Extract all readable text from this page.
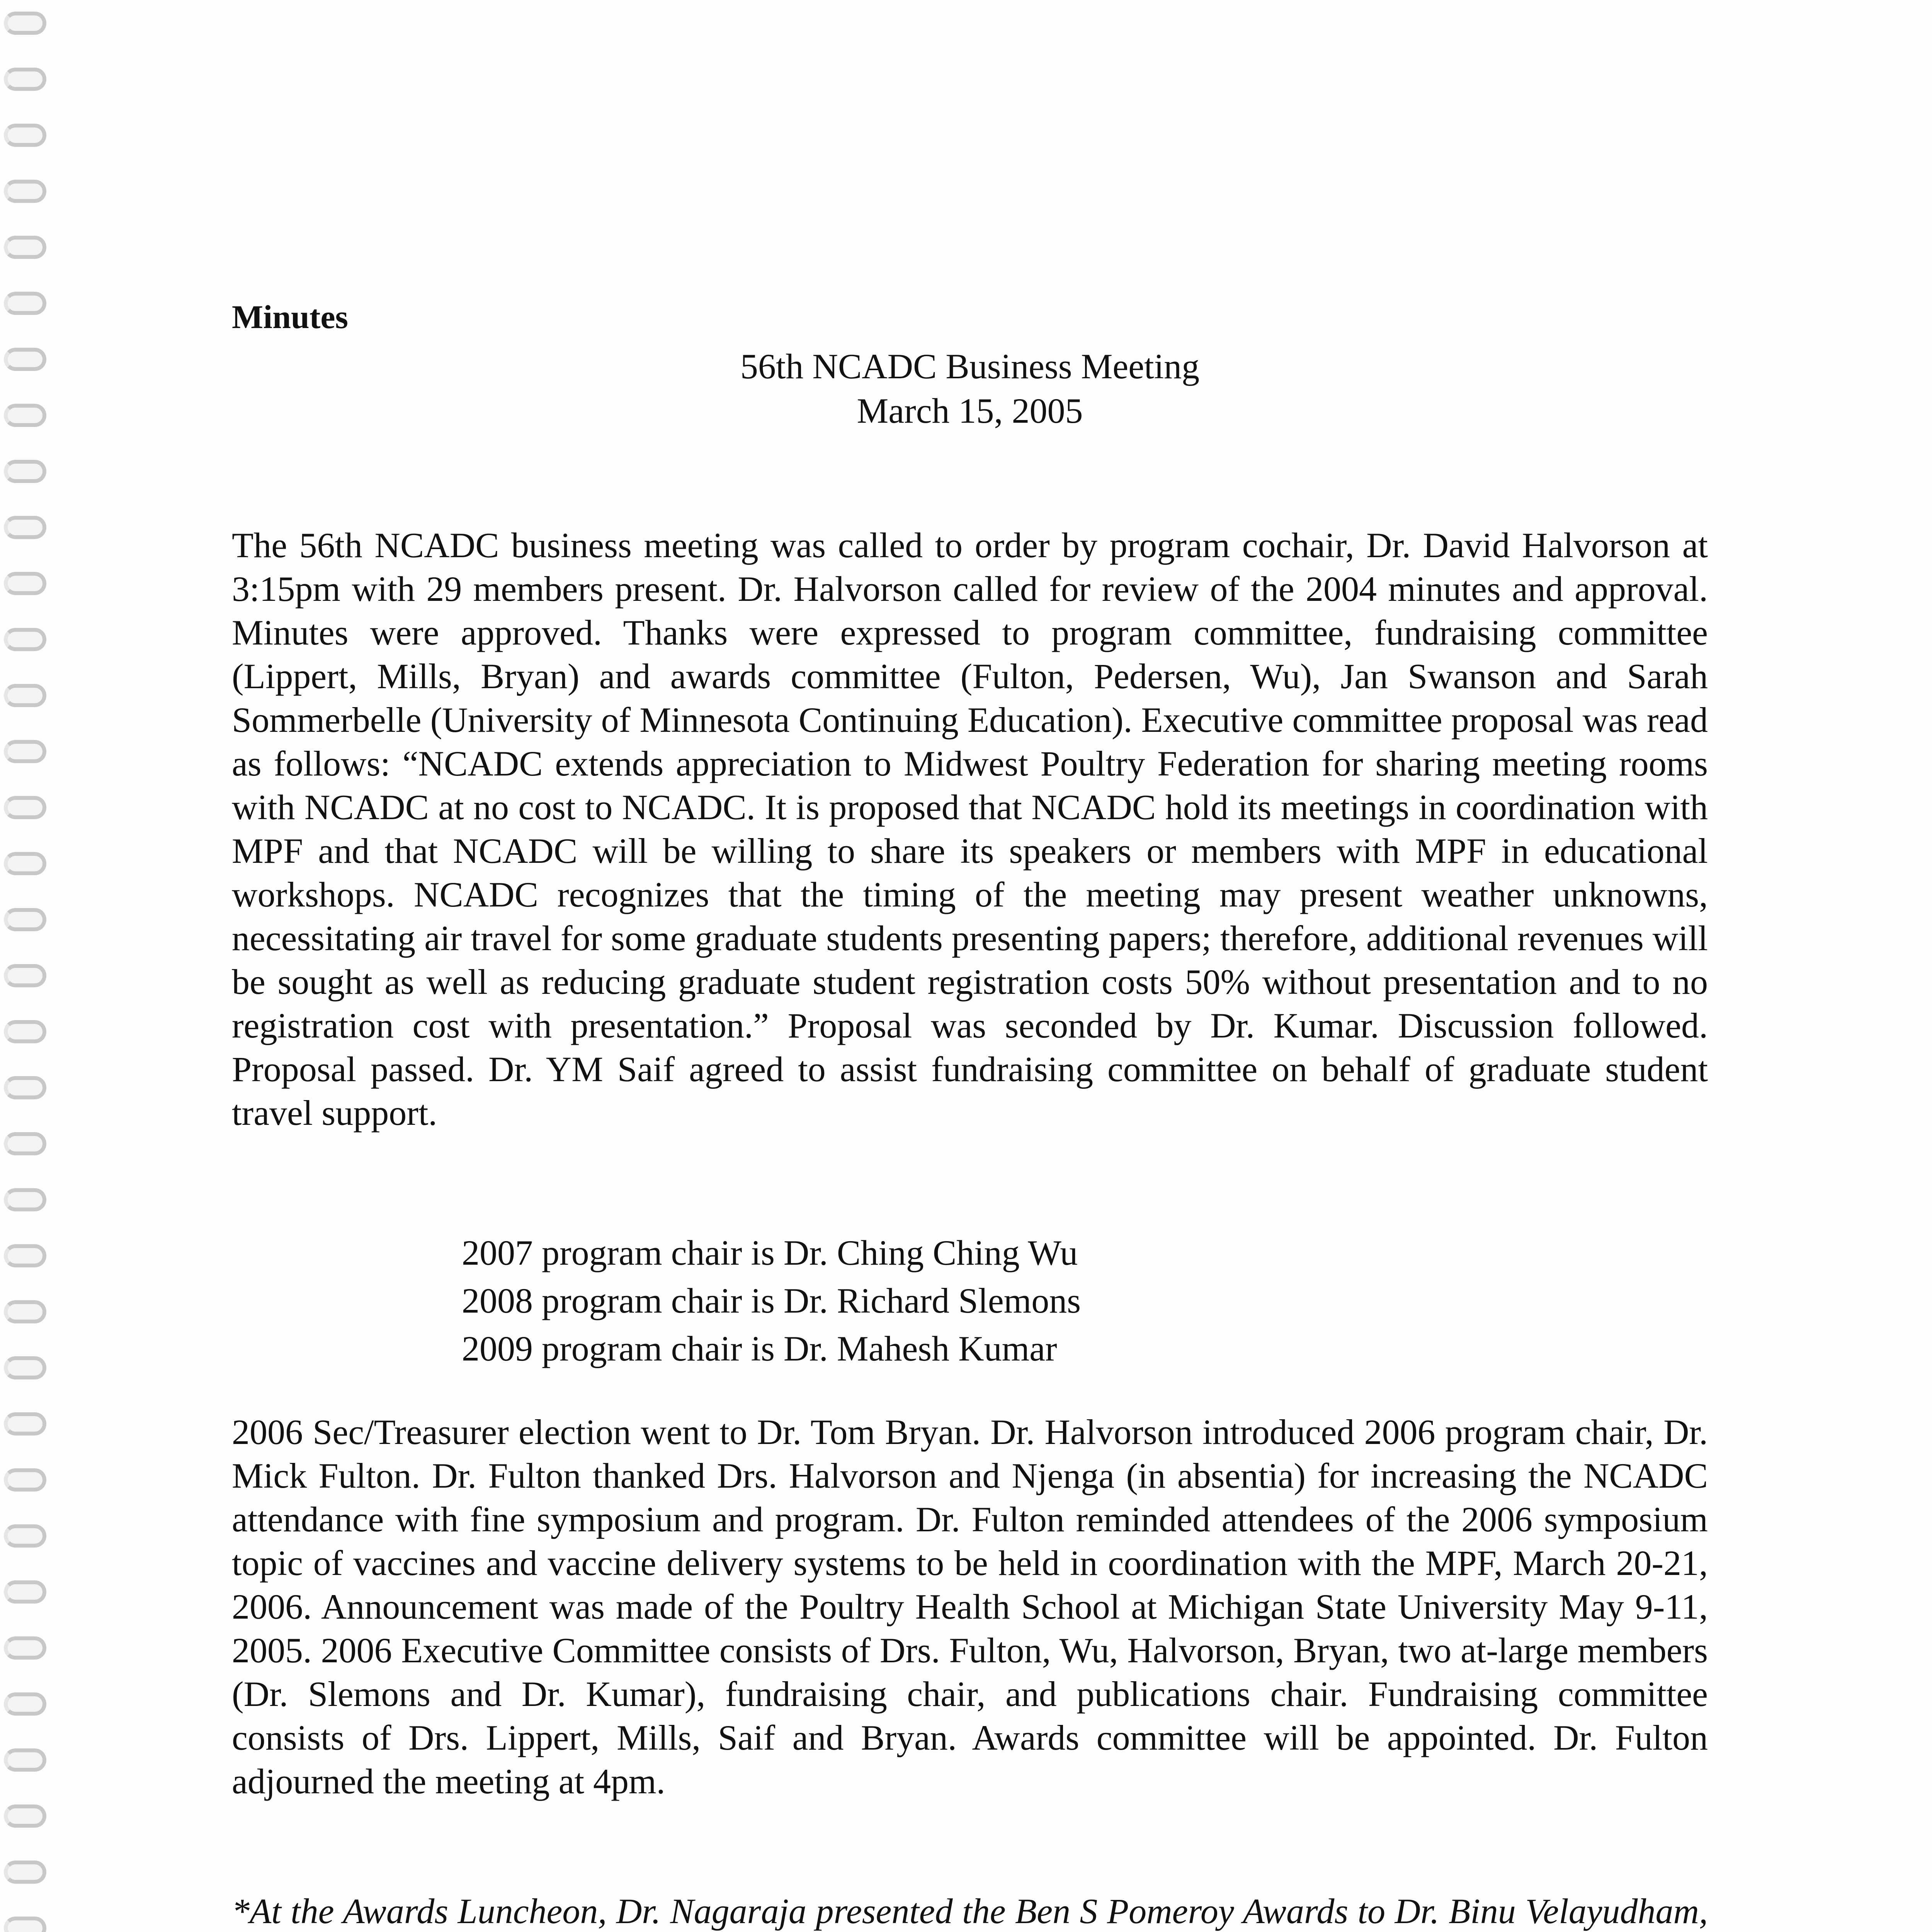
Minutes

56th NCADC Business Meeting

March 15, 2005

The 56th NCADC business meeting was called to order by program cochair, Dr. David Halvorson at 3:15pm with 29 members present. Dr. Halvorson called for review of the 2004 minutes and approval. Minutes were approved. Thanks were expressed to program committee, fundraising committee (Lippert, Mills, Bryan) and awards committee (Fulton, Pedersen, Wu), Jan Swanson and Sarah Sommerbelle (University of Minnesota Continuing Education). Executive committee proposal was read as follows: “NCADC extends appreciation to Midwest Poultry Federation for sharing meeting rooms with NCADC at no cost to NCADC. It is proposed that NCADC hold its meetings in coordination with MPF and that NCADC will be willing to share its speakers or members with MPF in educational workshops. NCADC recognizes that the timing of the meeting may present weather unknowns, necessitating air travel for some graduate students presenting papers; therefore, additional revenues will be sought as well as reducing graduate student registration costs 50% without presentation and to no registration cost with presentation.” Proposal was seconded by Dr. Kumar. Discussion followed. Proposal passed. Dr. YM Saif agreed to assist fundraising committee on behalf of graduate student travel support.

2007 program chair is Dr. Ching Ching Wu
2008 program chair is Dr. Richard Slemons
2009 program chair is Dr. Mahesh Kumar

2006 Sec/Treasurer election went to Dr. Tom Bryan. Dr. Halvorson introduced 2006 program chair, Dr. Mick Fulton. Dr. Fulton thanked Drs. Halvorson and Njenga (in absentia) for increasing the NCADC attendance with fine symposium and program. Dr. Fulton reminded attendees of the 2006 symposium topic of vaccines and vaccine delivery systems to be held in coordination with the MPF, March 20-21, 2006. Announcement was made of the Poultry Health School at Michigan State University May 9-11, 2005. 2006 Executive Committee consists of Drs. Fulton, Wu, Halvorson, Bryan, two at-large members (Dr. Slemons and Dr. Kumar), fundraising chair, and publications chair. Fundraising committee consists of Drs. Lippert, Mills, Saif and Bryan. Awards committee will be appointed. Dr. Fulton adjourned the meeting at 4pm.

*At the Awards Luncheon, Dr. Nagaraja presented the Ben S Pomeroy Awards to Dr. Binu Velayudham,
